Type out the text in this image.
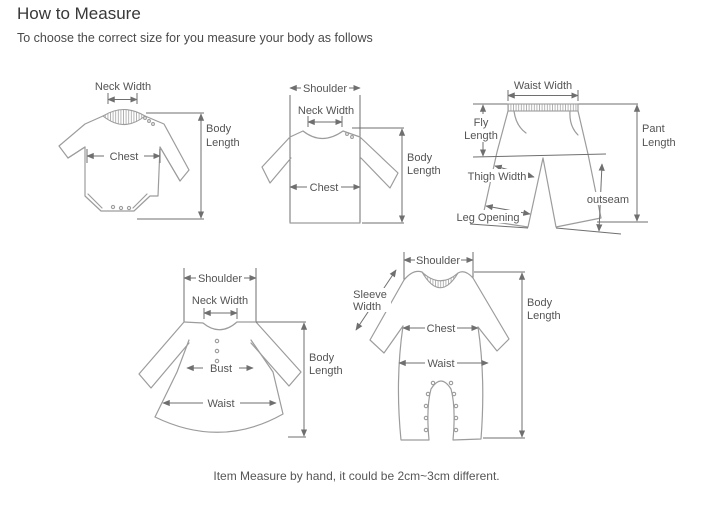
How to Measure
To choose the correct size for you measure your body as follows
Neck Width
Chest
Body
Length
Shoulder
Neck Width
Chest
Body
Length
Waist Width
Fly
Length
Pant
Length
Thigh Width
outseam
Leg Opening
Shoulder
Neck Width
Bust
Waist
Body
Length
Shoulder
Sleeve
Width
Chest
Waist
Body
Length
Item Measure by hand, it could be 2cm~3cm different.
